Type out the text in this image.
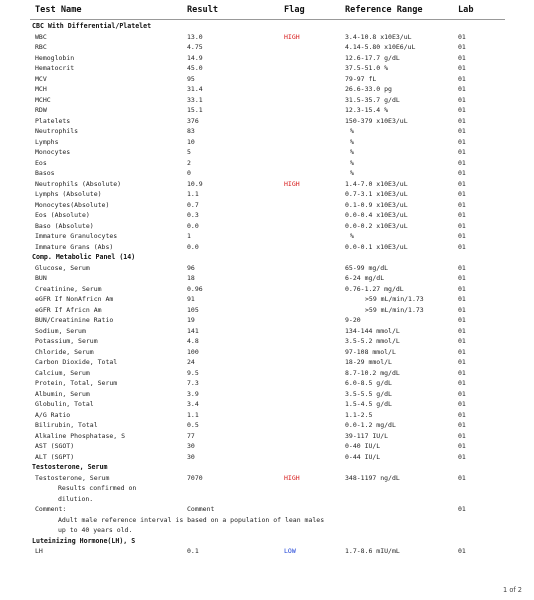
Test Name	Result	Flag	Reference Range	Lab
CBC With Differential/Platelet
WBC	13.0	HIGH	3.4-10.8 x10E3/uL	01
RBC	4.75	4.14-5.80 x10E6/uL	01
Hemoglobin	14.9	12.6-17.7 g/dL	01
Hematocrit	45.0	37.5-51.0 %	01
MCV	95	79-97 fL	01
MCH	31.4	26.6-33.0 pg	01
MCHC	33.1	31.5-35.7 g/dL	01
RDW	15.1	12.3-15.4 %	01
Platelets	376	150-379 x10E3/uL	01
Neutrophils	83	%	01
Lymphs	10	%	01
Monocytes	5	%	01
Eos	2	%	01
Basos	0	%	01
Neutrophils (Absolute)	10.9	HIGH	1.4-7.0 x10E3/uL	01
Lymphs (Absolute)	1.1	0.7-3.1 x10E3/uL	01
Monocytes(Absolute)	0.7	0.1-0.9 x10E3/uL	01
Eos (Absolute)	0.3	0.0-0.4 x10E3/uL	01
Baso (Absolute)	0.0	0.0-0.2 x10E3/uL	01
Immature Granulocytes	1	%	01
Immature Grans (Abs)	0.0	0.0-0.1 x10E3/uL	01
Comp. Metabolic Panel (14)
Glucose, Serum	96	65-99 mg/dL	01
BUN	18	6-24 mg/dL	01
Creatinine, Serum	0.96	0.76-1.27 mg/dL	01
eGFR If NonAfricn Am	91	>59 mL/min/1.73	01
eGFR If Africn Am	105	>59 mL/min/1.73	01
BUN/Creatinine Ratio	19	9-20	01
Sodium, Serum	141	134-144 mmol/L	01
Potassium, Serum	4.8	3.5-5.2 mmol/L	01
Chloride, Serum	100	97-108 mmol/L	01
Carbon Dioxide, Total	24	18-29 mmol/L	01
Calcium, Serum	9.5	8.7-10.2 mg/dL	01
Protein, Total, Serum	7.3	6.0-8.5 g/dL	01
Albumin, Serum	3.9	3.5-5.5 g/dL	01
Globulin, Total	3.4	1.5-4.5 g/dL	01
A/G Ratio	1.1	1.1-2.5	01
Bilirubin, Total	0.5	0.0-1.2 mg/dL	01
Alkaline Phosphatase, S	77	39-117 IU/L	01
AST (SGOT)	30	0-40 IU/L	01
ALT (SGPT)	30	0-44 IU/L	01
Testosterone, Serum
Testosterone, Serum	7070	HIGH	348-1197 ng/dL	01
Results confirmed on
dilution.
Comment:	Comment	01
Adult male reference interval is based on a population of lean males
up to 40 years old.
Luteinizing Hormone(LH), S
LH	0.1	LOW	1.7-8.6 mIU/mL	01
1 of 2
